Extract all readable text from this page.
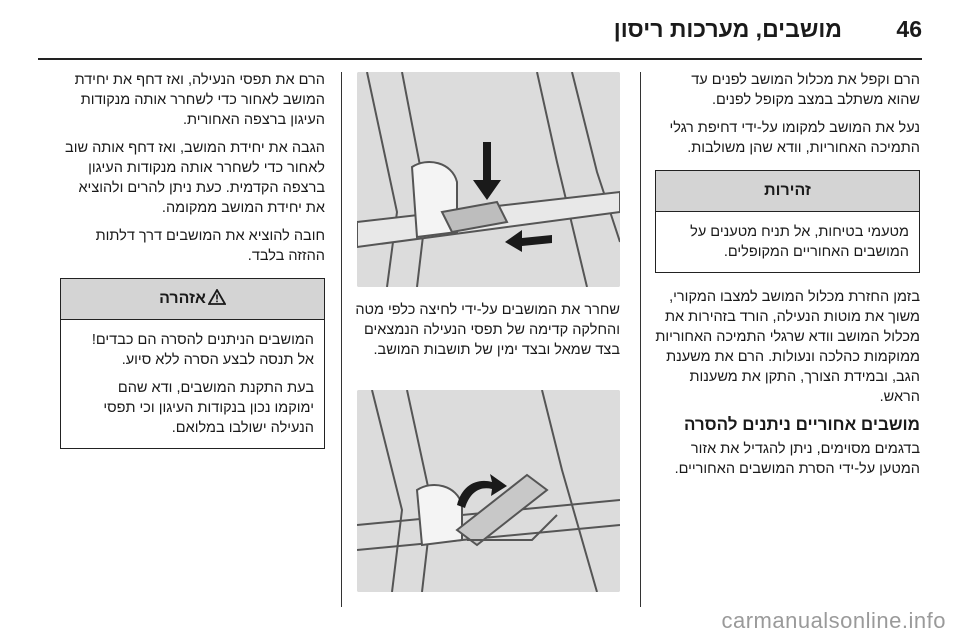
46
מושבים, מערכות ריסון

הרם וקפל את מכלול המושב לפנים עד שהוא משתלב במצב מקופל לפנים.

נעל את המושב למקומו על-ידי דחיפת רגלי התמיכה האחוריות, וודא שהן משולבות.

זהירות

מטעמי בטיחות, אל תניח מטענים על המושבים האחוריים המקופלים.

בזמן החזרת מכלול המושב למצבו המקורי, משוך את מוטות הנעילה, הורד בזהירות את מכלול המושב וודא שרגלי התמיכה האחוריות ממוקמות כהלכה ונעולות. הרם את משענת הגב, ובמידת הצורך, התקן את משענות הראש.

מושבים אחוריים ניתנים להסרה

בדגמים מסוימים, ניתן להגדיל את אזור המטען על-ידי הסרת המושבים האחוריים.

שחרר את המושבים על-ידי לחיצה כלפי מטה והחלקה קדימה של תפסי הנעילה הנמצאים בצד שמאל ובצד ימין של תושבות המושב.

הרם את תפסי הנעילה, ואז דחף את יחידת המושב לאחור כדי לשחרר אותה מנקודות העיגון ברצפה האחורית.

הגבה את יחידת המושב, ואז דחף אותה שוב לאחור כדי לשחרר אותה מנקודות העיגון ברצפה הקדמית. כעת ניתן להרים ולהוציא את יחידת המושב ממקומה.

חובה להוציא את המושבים דרך דלתות ההזזה בלבד.

אזהרה

המושבים הניתנים להסרה הם כבדים! אל תנסה לבצע הסרה ללא סיוע.

בעת התקנת המושבים, ודא שהם ימוקמו נכון בנקודות העיגון וכי תפסי הנעילה ישולבו במלואם.

carmanualsonline.info
